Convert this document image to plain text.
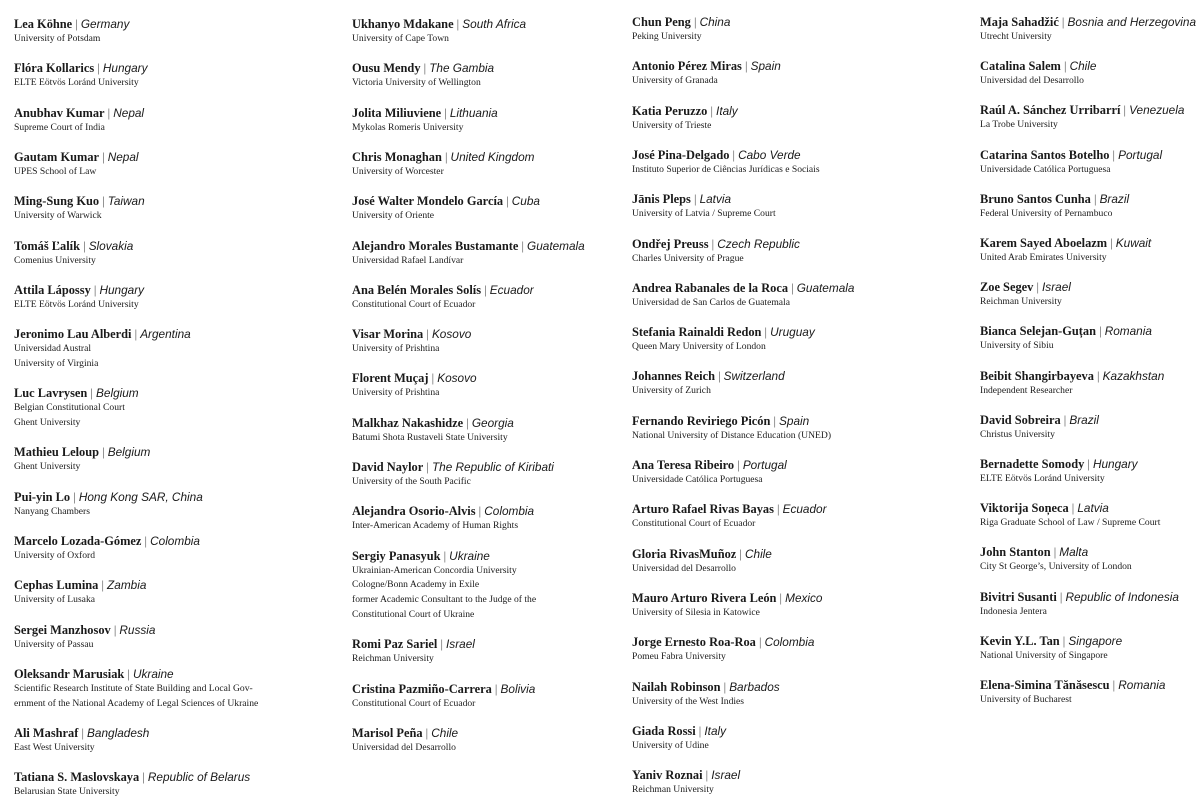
Lea Köhne | Germany
University of Potsdam
Flóra Kollarics | Hungary
ELTE Eötvös Loránd University
Anubhav Kumar | Nepal
Supreme Court of India
Gautam Kumar | Nepal
UPES School of Law
Ming-Sung Kuo | Taiwan
University of Warwick
Tomáš Ľalík | Slovakia
Comenius University
Attila Lápossy | Hungary
ELTE Eötvös Loránd University
Jeronimo Lau Alberdi | Argentina
Universidad Austral
University of Virginia
Luc Lavrysen | Belgium
Belgian Constitutional Court
Ghent University
Mathieu Leloup | Belgium
Ghent University
Pui-yin Lo | Hong Kong SAR, China
Nanyang Chambers
Marcelo Lozada-Gómez | Colombia
University of Oxford
Cephas Lumina | Zambia
University of Lusaka
Sergei Manzhosov | Russia
University of Passau
Oleksandr Marusiak | Ukraine
Scientific Research Institute of State Building and Local Gov-
ernment of the National Academy of Legal Sciences of Ukraine
Ali Mashraf | Bangladesh
East West University
Tatiana S. Maslovskaya | Republic of Belarus
Belarusian State University
Ukhanyo Mdakane | South Africa
University of Cape Town
Ousu Mendy | The Gambia
Victoria University of Wellington
Jolita Miliuviene | Lithuania
Mykolas Romeris University
Chris Monaghan | United Kingdom
University of Worcester
José Walter Mondelo García | Cuba
University of Oriente
Alejandro Morales Bustamante | Guatemala
Universidad Rafael Landívar
Ana Belén Morales Solís | Ecuador
Constitutional Court of Ecuador
Visar Morina | Kosovo
University of Prishtina
Florent Muçaj | Kosovo
University of Prishtina
Malkhaz Nakashidze | Georgia
Batumi Shota Rustaveli State University
David Naylor | The Republic of Kiribati
University of the South Pacific
Alejandra Osorio-Alvis | Colombia
Inter-American Academy of Human Rights
Sergiy Panasyuk | Ukraine
Ukrainian-American Concordia University
Cologne/Bonn Academy in Exile
former Academic Consultant to the Judge of the
Constitutional Court of Ukraine
Romi Paz Sariel | Israel
Reichman University
Cristina Pazmiño-Carrera | Bolivia
Constitutional Court of Ecuador
Marisol Peña | Chile
Universidad del Desarrollo
Chun Peng | China
Peking University
Antonio Pérez Miras | Spain
University of Granada
Katia Peruzzo | Italy
University of Trieste
José Pina-Delgado | Cabo Verde
Instituto Superior de Ciências Jurídicas e Sociais
Jānis Pleps | Latvia
University of Latvia / Supreme Court
Ondřej Preuss | Czech Republic
Charles University of Prague
Andrea Rabanales de la Roca | Guatemala
Universidad de San Carlos de Guatemala
Stefania Rainaldi Redon | Uruguay
Queen Mary University of London
Johannes Reich | Switzerland
University of Zurich
Fernando Reviriego Picón | Spain
National University of Distance Education (UNED)
Ana Teresa Ribeiro | Portugal
Universidade Católica Portuguesa
Arturo Rafael Rivas Bayas | Ecuador
Constitutional Court of Ecuador
Gloria RivasMuñoz | Chile
Universidad del Desarrollo
Mauro Arturo Rivera León | Mexico
University of Silesia in Katowice
Jorge Ernesto Roa-Roa | Colombia
Pomeu Fabra University
Nailah Robinson | Barbados
University of the West Indies
Giada Rossi | Italy
University of Udine
Yaniv Roznai | Israel
Reichman University
Maja Sahadžić | Bosnia and Herzegovina
Utrecht University
Catalina Salem | Chile
Universidad del Desarrollo
Raúl A. Sánchez Urribarrí | Venezuela
La Trobe University
Catarina Santos Botelho | Portugal
Universidade Católica Portuguesa
Bruno Santos Cunha | Brazil
Federal University of Pernambuco
Karem Sayed Aboelazm | Kuwait
United Arab Emirates University
Zoe Segev | Israel
Reichman University
Bianca Selejan-Guțan | Romania
University of Sibiu
Beibit Shangirbayeva | Kazakhstan
Independent Researcher
David Sobreira | Brazil
Christus University
Bernadette Somody | Hungary
ELTE Eötvös Loránd University
Viktorija Soņeca | Latvia
Riga Graduate School of Law / Supreme Court
John Stanton | Malta
City St George’s, University of London
Bivitri Susanti | Republic of Indonesia
Indonesia Jentera
Kevin Y.L. Tan | Singapore
National University of Singapore
Elena-Simina Tănăsescu | Romania
University of Bucharest
